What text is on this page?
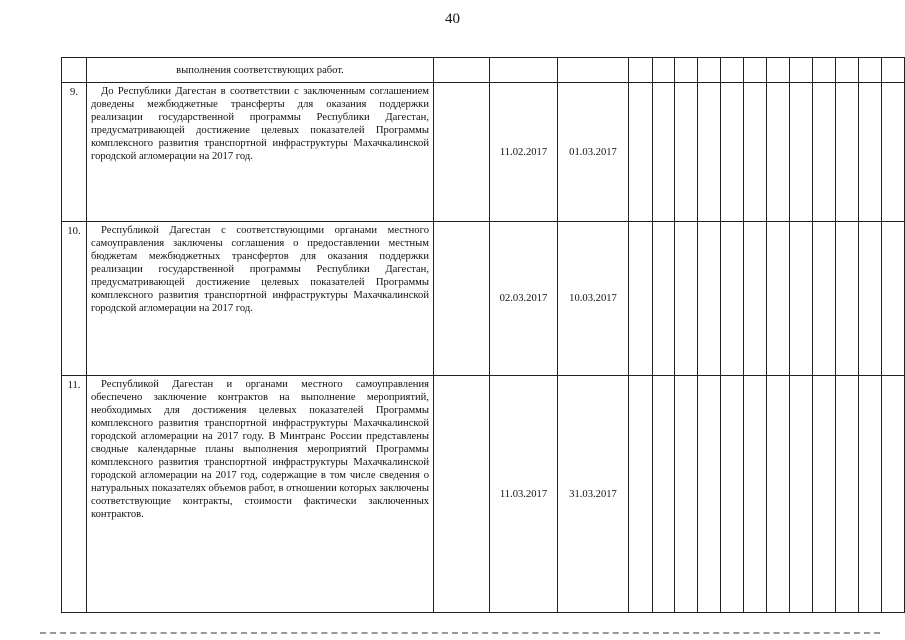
40
	выполнения соответствующих работ.															
9.	До Республики Дагестан в соответствии с заключенным соглашением доведены межбюджетные трансферты для оказания поддержки реализации государственной программы Республики Дагестан, предусматривающей достижение целевых показателей Программы комплексного развития транспортной инфраструктуры Махачкалинской городской агломерации на 2017 год.		11.02.2017	01.03.2017												
10.	Республикой Дагестан с соответствующими органами местного самоуправления заключены соглашения о предоставлении местным бюджетам межбюджетных трансфертов для оказания поддержки реализации государственной программы Республики Дагестан, предусматривающей достижение целевых показателей Программы комплексного развития транспортной инфраструктуры Махачкалинской городской агломерации на 2017 год.		02.03.2017	10.03.2017												
11.	Республикой Дагестан и органами местного самоуправления обеспечено заключение контрактов на выполнение мероприятий, необходимых для достижения целевых показателей Программы комплексного развития транспортной инфраструктуры Махачкалинской городской агломерации на 2017 году. В Минтранс России представлены сводные календарные планы выполнения мероприятий Программы комплексного развития транспортной инфраструктуры Махачкалинской городской агломерации на 2017 год, содержащие в том числе сведения о натуральных показателях объемов работ, в отношении которых заключены соответствующие контракты, стоимости фактически заключенных контрактов.		11.03.2017	31.03.2017												
